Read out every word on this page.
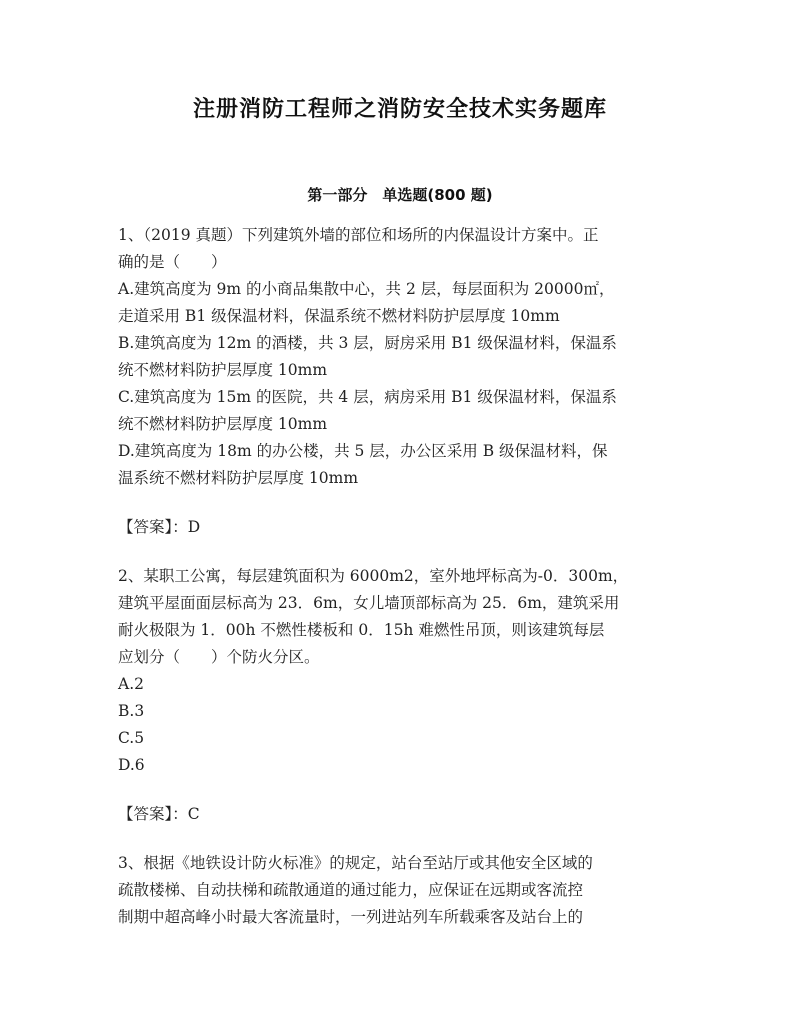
注册消防工程师之消防安全技术实务题库
第一部分　单选题(800 题)
1、（2019 真题）下列建筑外墙的部位和场所的内保温设计方案中。正
确的是（　　）
A.建筑高度为 9m 的小商品集散中心，共 2 层，每层面积为 20000㎡，
走道采用 B1 级保温材料，保温系统不燃材料防护层厚度 10mm
B.建筑高度为 12m 的酒楼，共 3 层，厨房采用 B1 级保温材料，保温系
统不燃材料防护层厚度 10mm
C.建筑高度为 15m 的医院，共 4 层，病房采用 B1 级保温材料，保温系
统不燃材料防护层厚度 10mm
D.建筑高度为 18m 的办公楼，共 5 层，办公区采用 B 级保温材料，保
温系统不燃材料防护层厚度 10mm
【答案】：D
2、某职工公寓，每层建筑面积为 6000m2，室外地坪标高为-0．300m，
建筑平屋面面层标高为 23．6m，女儿墙顶部标高为 25．6m，建筑采用
耐火极限为 1．00h 不燃性楼板和 0．15h 难燃性吊顶，则该建筑每层
应划分（　　）个防火分区。
A.2
B.3
C.5
D.6
【答案】：C
3、根据《地铁设计防火标准》的规定，站台至站厅或其他安全区域的
疏散楼梯、自动扶梯和疏散通道的通过能力，应保证在远期或客流控
制期中超高峰小时最大客流量时，一列进站列车所载乘客及站台上的
